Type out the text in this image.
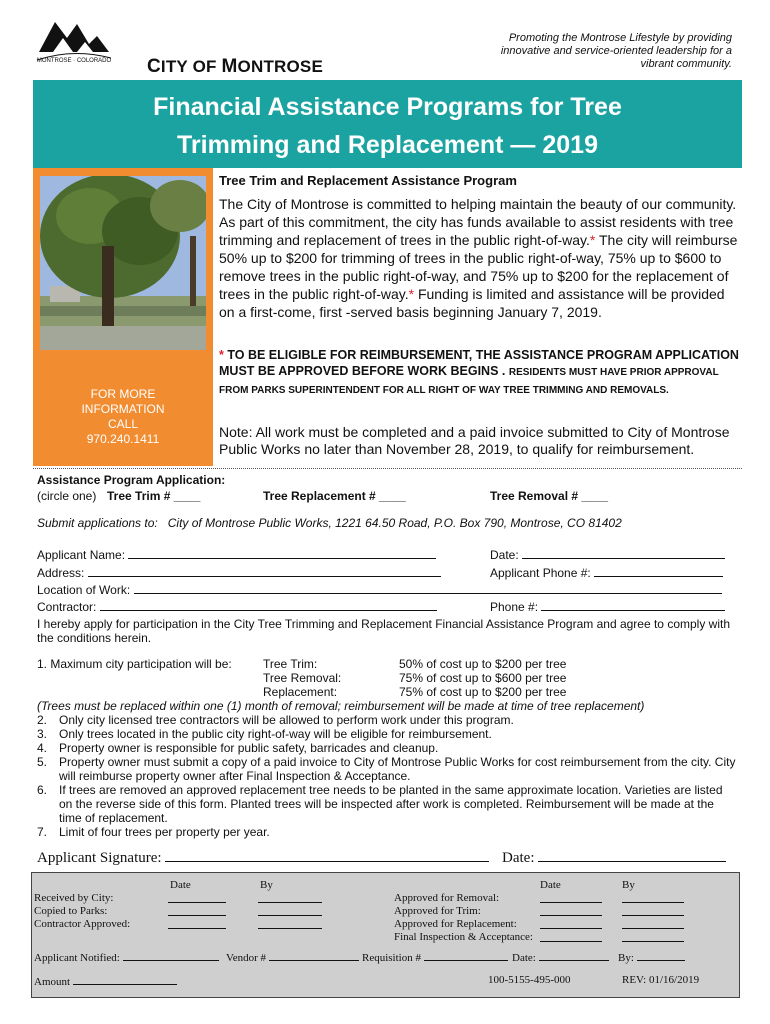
MONTROSE · COLORADO CITY OF MONTROSE
Promoting the Montrose Lifestyle by providing innovative and service-oriented leadership for a vibrant community.
Financial Assistance Programs for Tree
Trimming and Replacement — 2019
FOR MORE
INFORMATION
CALL
970.240.1411
Tree Trim and Replacement Assistance Program
The City of Montrose is committed to helping maintain the beauty of our community. As part of this commitment, the city has funds available to assist residents with tree trimming and replacement of trees in the public right-of-way.* The city will reimburse 50% up to $200 for trimming of trees in the public right-of-way, 75% up to $600 to remove trees in the public right-of-way, and 75% up to $200 for the replacement of trees in the public right-of-way.* Funding is limited and assistance will be provided on a first-come, first -served basis beginning January 7, 2019.
* TO BE ELIGIBLE FOR REIMBURSEMENT, THE ASSISTANCE PROGRAM APPLICATION MUST BE APPROVED BEFORE WORK BEGINS . RESIDENTS MUST HAVE PRIOR APPROVAL FROM PARKS SUPERINTENDENT FOR ALL RIGHT OF WAY TREE TRIMMING AND REMOVALS.
Note: All work must be completed and a paid invoice submitted to City of Montrose Public Works no later than November 28, 2019, to qualify for reimbursement.
Assistance Program Application:
(circle one) Tree Trim # ____	Tree Replacement # ____	Tree Removal # ____
Submit applications to: City of Montrose Public Works, 1221 64.50 Road, P.O. Box 790, Montrose, CO 81402
Applicant Name:	Date:
Address:	Applicant Phone #:
Location of Work:
Contractor:	Phone #:
I hereby apply for participation in the City Tree Trimming and Replacement Financial Assistance Program and agree to comply with the conditions herein.
1. Maximum city participation will be:	Tree Trim:	50% of cost up to $200 per tree
Tree Removal:	75% of cost up to $600 per tree
Replacement:	75% of cost up to $200 per tree
(Trees must be replaced within one (1) month of removal; reimbursement will be made at time of tree replacement)
2. Only city licensed tree contractors will be allowed to perform work under this program.
3. Only trees located in the public city right-of-way will be eligible for reimbursement.
4. Property owner is responsible for public safety, barricades and cleanup.
5. Property owner must submit a copy of a paid invoice to City of Montrose Public Works for cost reimbursement from the city. City will reimburse property owner after Final Inspection & Acceptance.
6. If trees are removed an approved replacement tree needs to be planted in the same approximate location. Varieties are listed on the reverse side of this form. Planted trees will be inspected after work is completed. Reimbursement will be made at the time of replacement.
7. Limit of four trees per property per year.
Applicant Signature:	Date:
Date	By	Date	By
Received by City:
Copied to Parks:
Contractor Approved:
Approved for Removal:
Approved for Trim:
Approved for Replacement:
Final Inspection & Acceptance:
Applicant Notified:	Vendor #	Requisition #	Date:	By:
Amount	100-5155-495-000	REV: 01/16/2019
